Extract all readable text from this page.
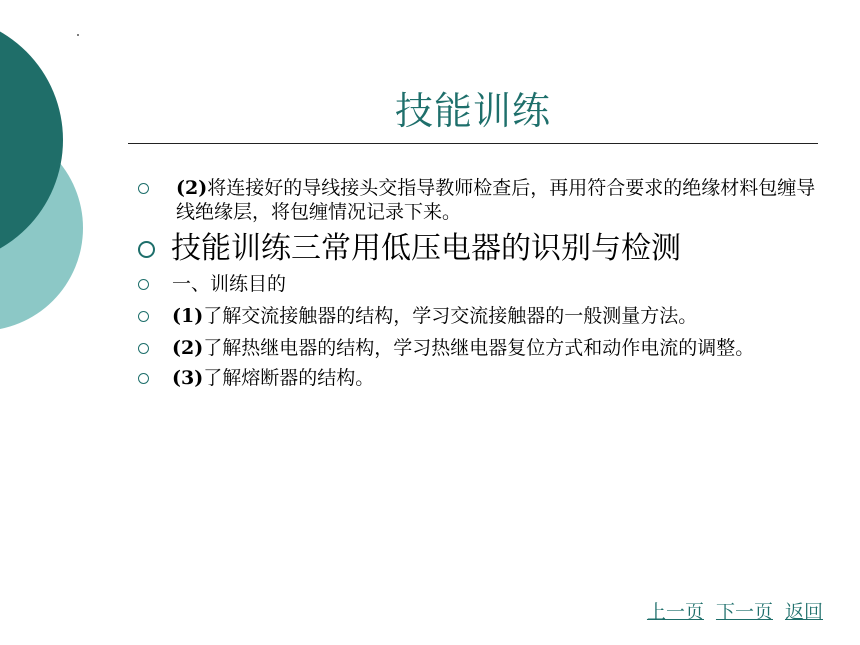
技能训练
(2)将连接好的导线接头交指导教师检查后，再用符合要求的绝缘材料包缠导线绝缘层，将包缠情况记录下来。
技能训练三常用低压电器的识别与检测
一、训练目的
(1)了解交流接触器的结构，学习交流接触器的一般测量方法。
(2)了解热继电器的结构，学习热继电器复位方式和动作电流的调整。
(3)了解熔断器的结构。
上一页 下一页 返回
